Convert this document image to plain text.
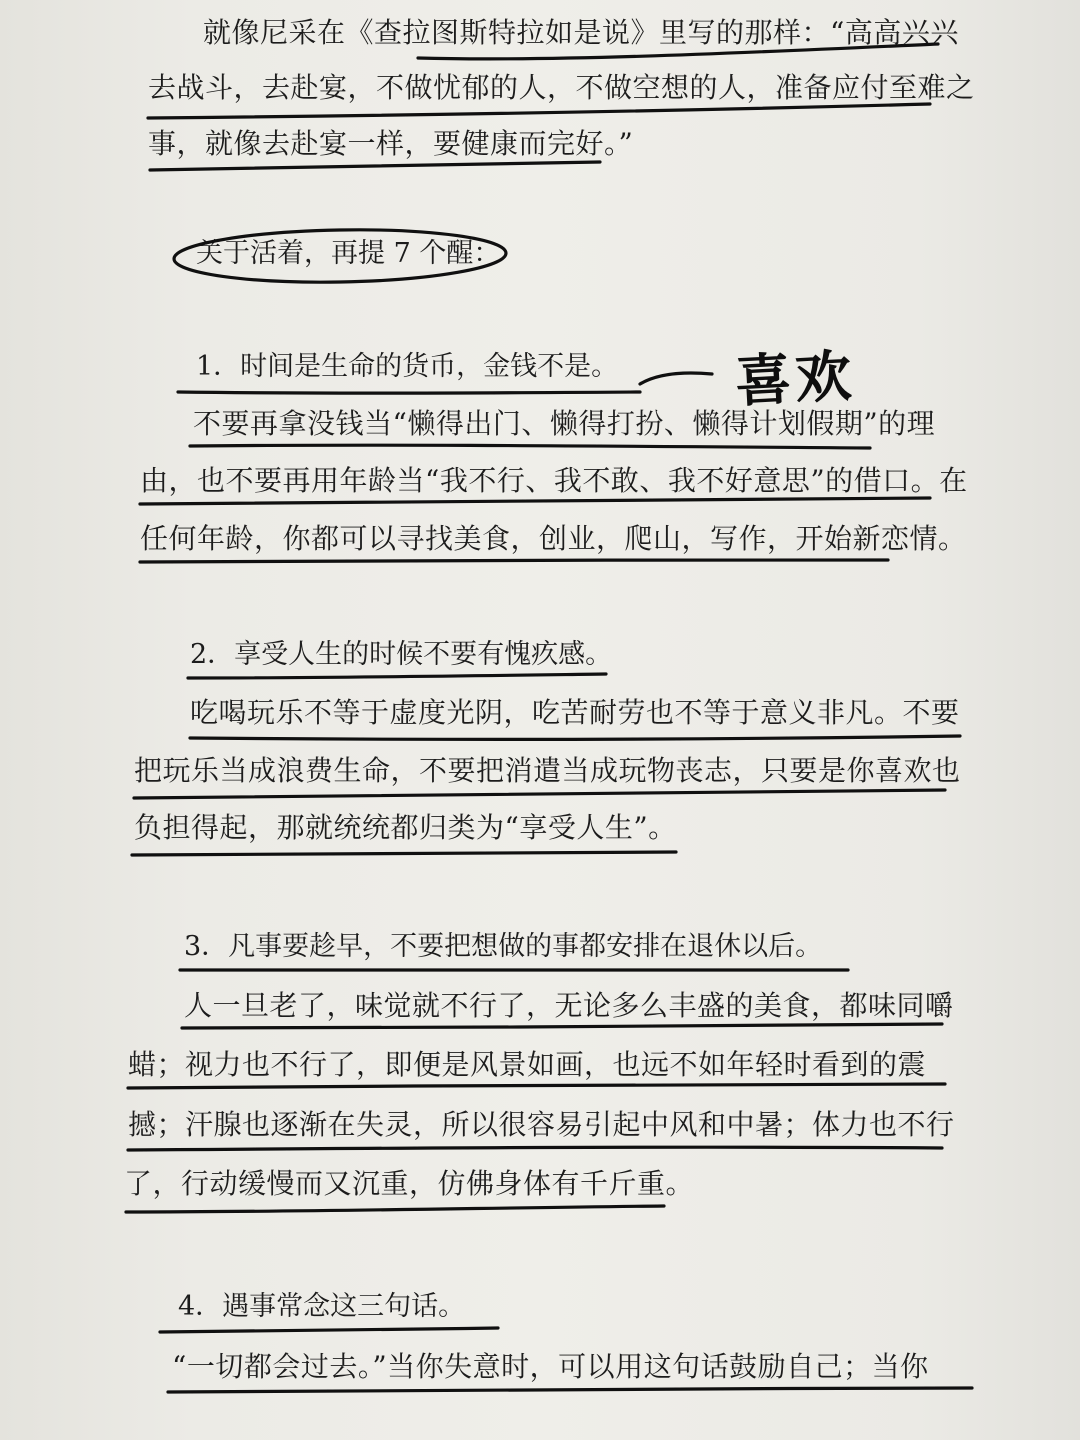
就像尼采在《查拉图斯特拉如是说》里写的那样：“高高兴兴
去战斗，去赴宴，不做忧郁的人，不做空想的人，准备应付至难之
事，就像去赴宴一样，要健康而完好。”
关于活着，再提 7 个醒：
1．时间是生命的货币，金钱不是。 喜欢
不要再拿没钱当“懒得出门、懒得打扮、懒得计划假期”的理
由，也不要再用年龄当“我不行、我不敢、我不好意思”的借口。在
任何年龄，你都可以寻找美食，创业，爬山，写作，开始新恋情。
2．享受人生的时候不要有愧疚感。
吃喝玩乐不等于虚度光阴，吃苦耐劳也不等于意义非凡。不要
把玩乐当成浪费生命，不要把消遣当成玩物丧志，只要是你喜欢也
负担得起，那就统统都归类为“享受人生”。
3．凡事要趁早，不要把想做的事都安排在退休以后。
人一旦老了，味觉就不行了，无论多么丰盛的美食，都味同嚼
蜡；视力也不行了，即便是风景如画，也远不如年轻时看到的震
撼；汗腺也逐渐在失灵，所以很容易引起中风和中暑；体力也不行
了，行动缓慢而又沉重，仿佛身体有千斤重。
4．遇事常念这三句话。
“一切都会过去。”当你失意时，可以用这句话鼓励自己；当你
